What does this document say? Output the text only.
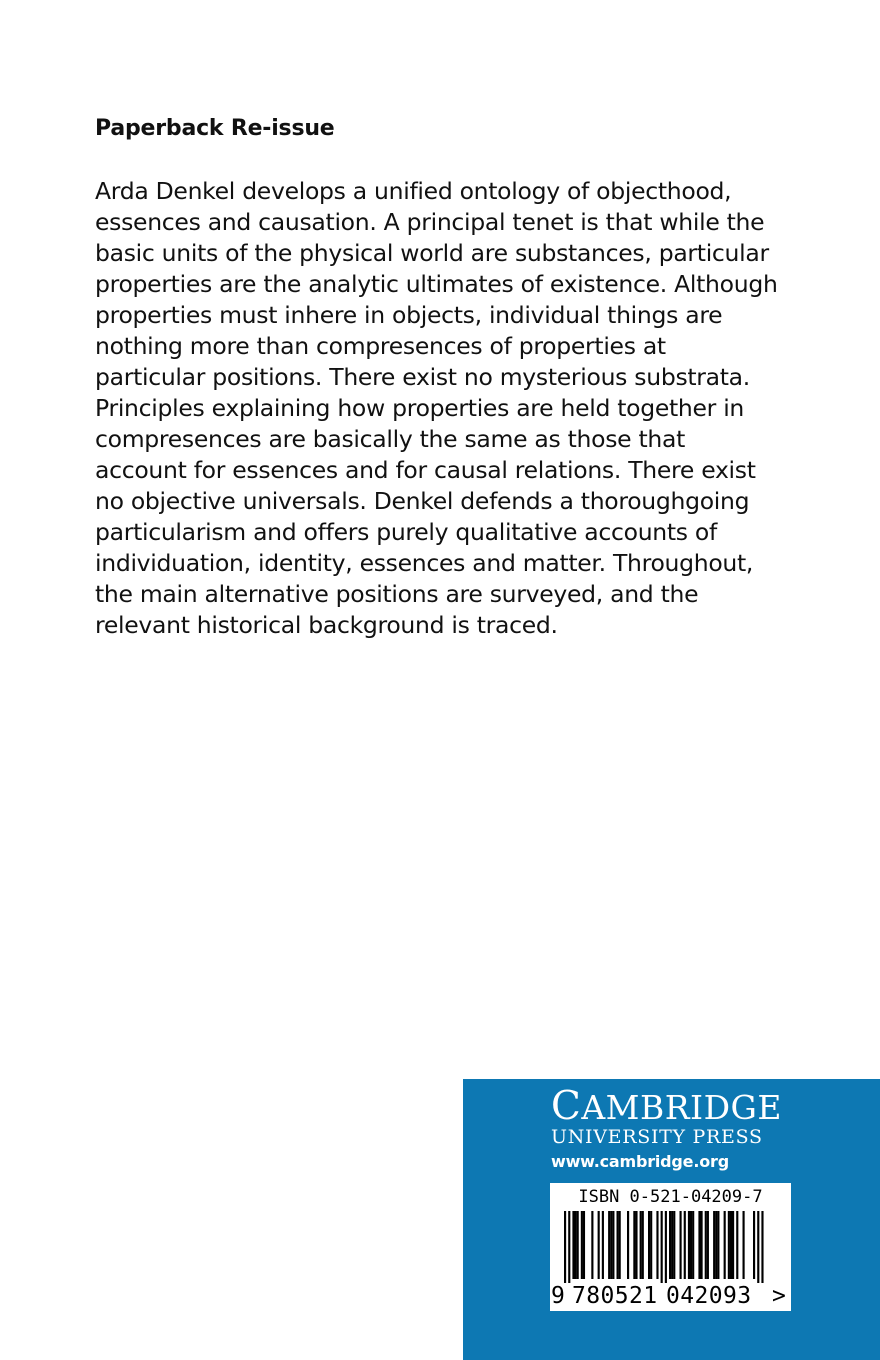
Paperback Re-issue

Arda Denkel develops a unified ontology of objecthood,
essences and causation. A principal tenet is that while the
basic units of the physical world are substances, particular
properties are the analytic ultimates of existence. Although
properties must inhere in objects, individual things are
nothing more than compresences of properties at
particular positions. There exist no mysterious substrata.
Principles explaining how properties are held together in
compresences are basically the same as those that
account for essences and for causal relations. There exist
no objective universals. Denkel defends a thoroughgoing
particularism and offers purely qualitative accounts of
individuation, identity, essences and matter. Throughout,
the main alternative positions are surveyed, and the
relevant historical background is traced.

CAMBRIDGE
UNIVERSITY PRESS
www.cambridge.org
ISBN 0-521-04209-7
9 780521 042093 >
